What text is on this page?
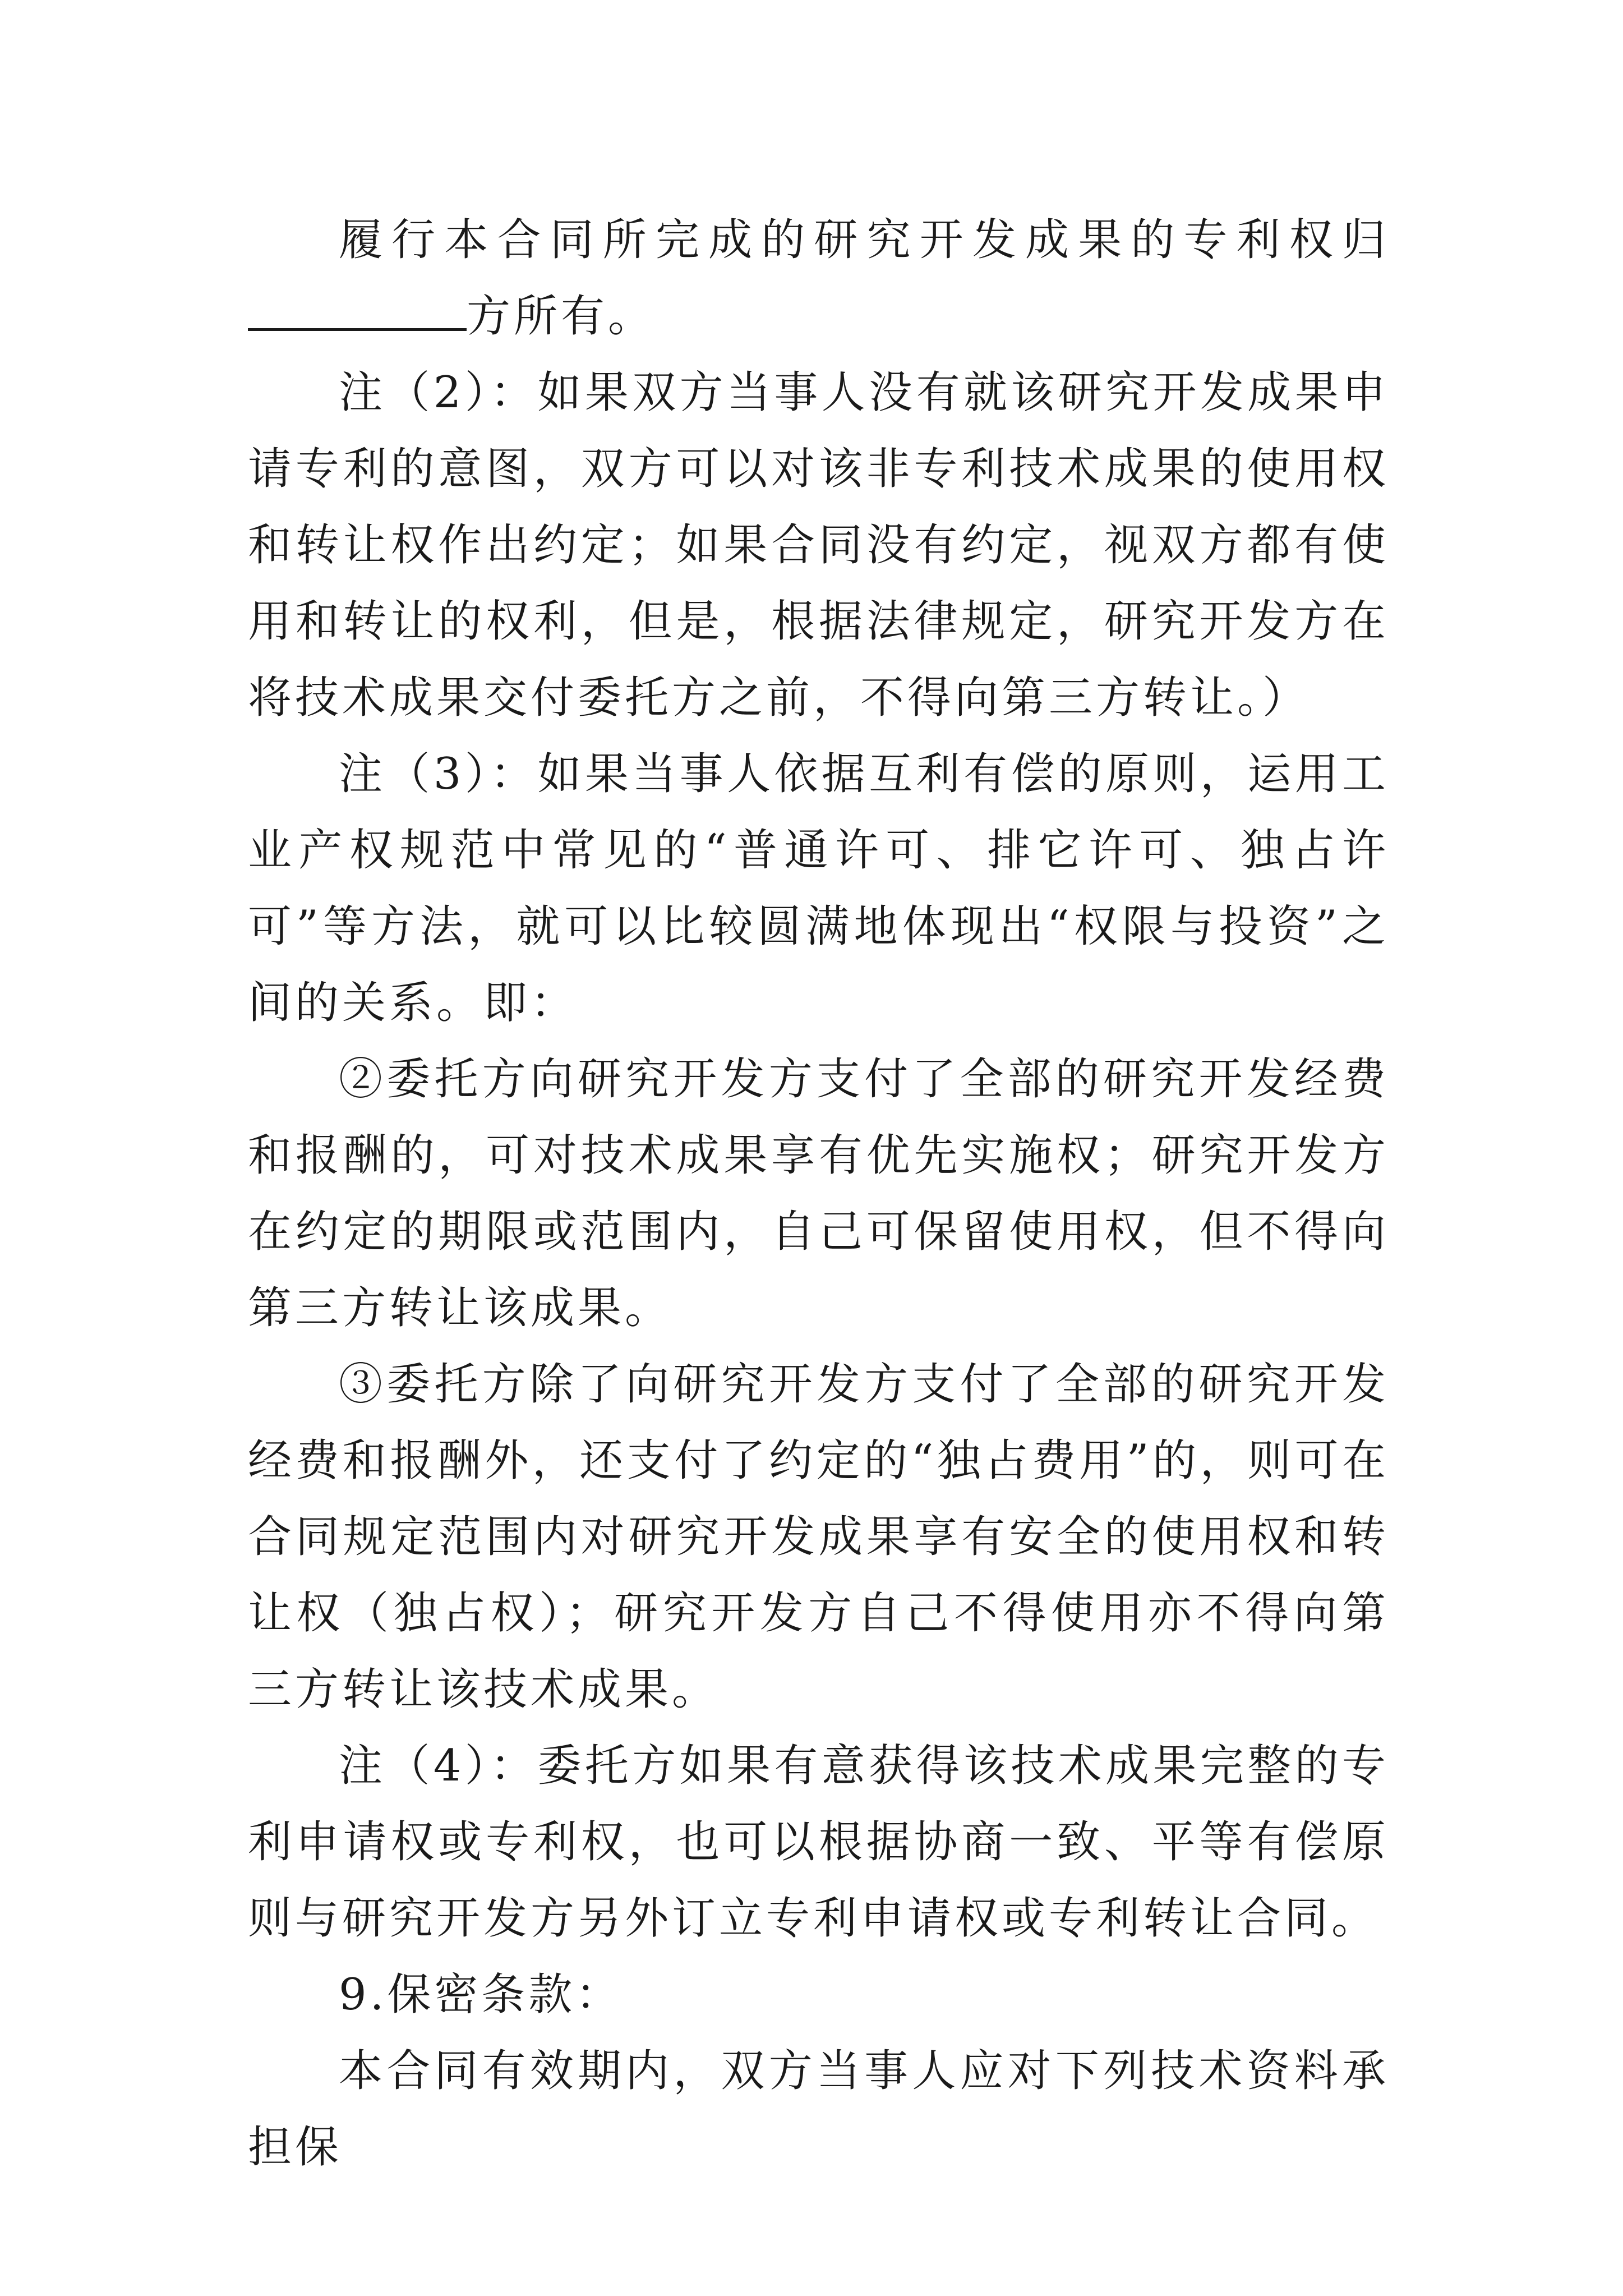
履行本合同所完成的研究开发成果的专利权归方所有。

注（2）：如果双方当事人没有就该研究开发成果申请专利的意图，双方可以对该非专利技术成果的使用权和转让权作出约定；如果合同没有约定，视双方都有使用和转让的权利，但是，根据法律规定，研究开发方在将技术成果交付委托方之前，不得向第三方转让。）

注（3）：如果当事人依据互利有偿的原则，运用工业产权规范中常见的“普通许可、排它许可、独占许可”等方法，就可以比较圆满地体现出“权限与投资”之间的关系。即：

②委托方向研究开发方支付了全部的研究开发经费和报酬的，可对技术成果享有优先实施权；研究开发方在约定的期限或范围内，自己可保留使用权，但不得向第三方转让该成果。

③委托方除了向研究开发方支付了全部的研究开发经费和报酬外，还支付了约定的“独占费用”的，则可在合同规定范围内对研究开发成果享有安全的使用权和转让权（独占权）；研究开发方自己不得使用亦不得向第三方转让该技术成果。

注（4）：委托方如果有意获得该技术成果完整的专利申请权或专利权，也可以根据协商一致、平等有偿原则与研究开发方另外订立专利申请权或专利转让合同。

9.保密条款：

本合同有效期内，双方当事人应对下列技术资料承担保
